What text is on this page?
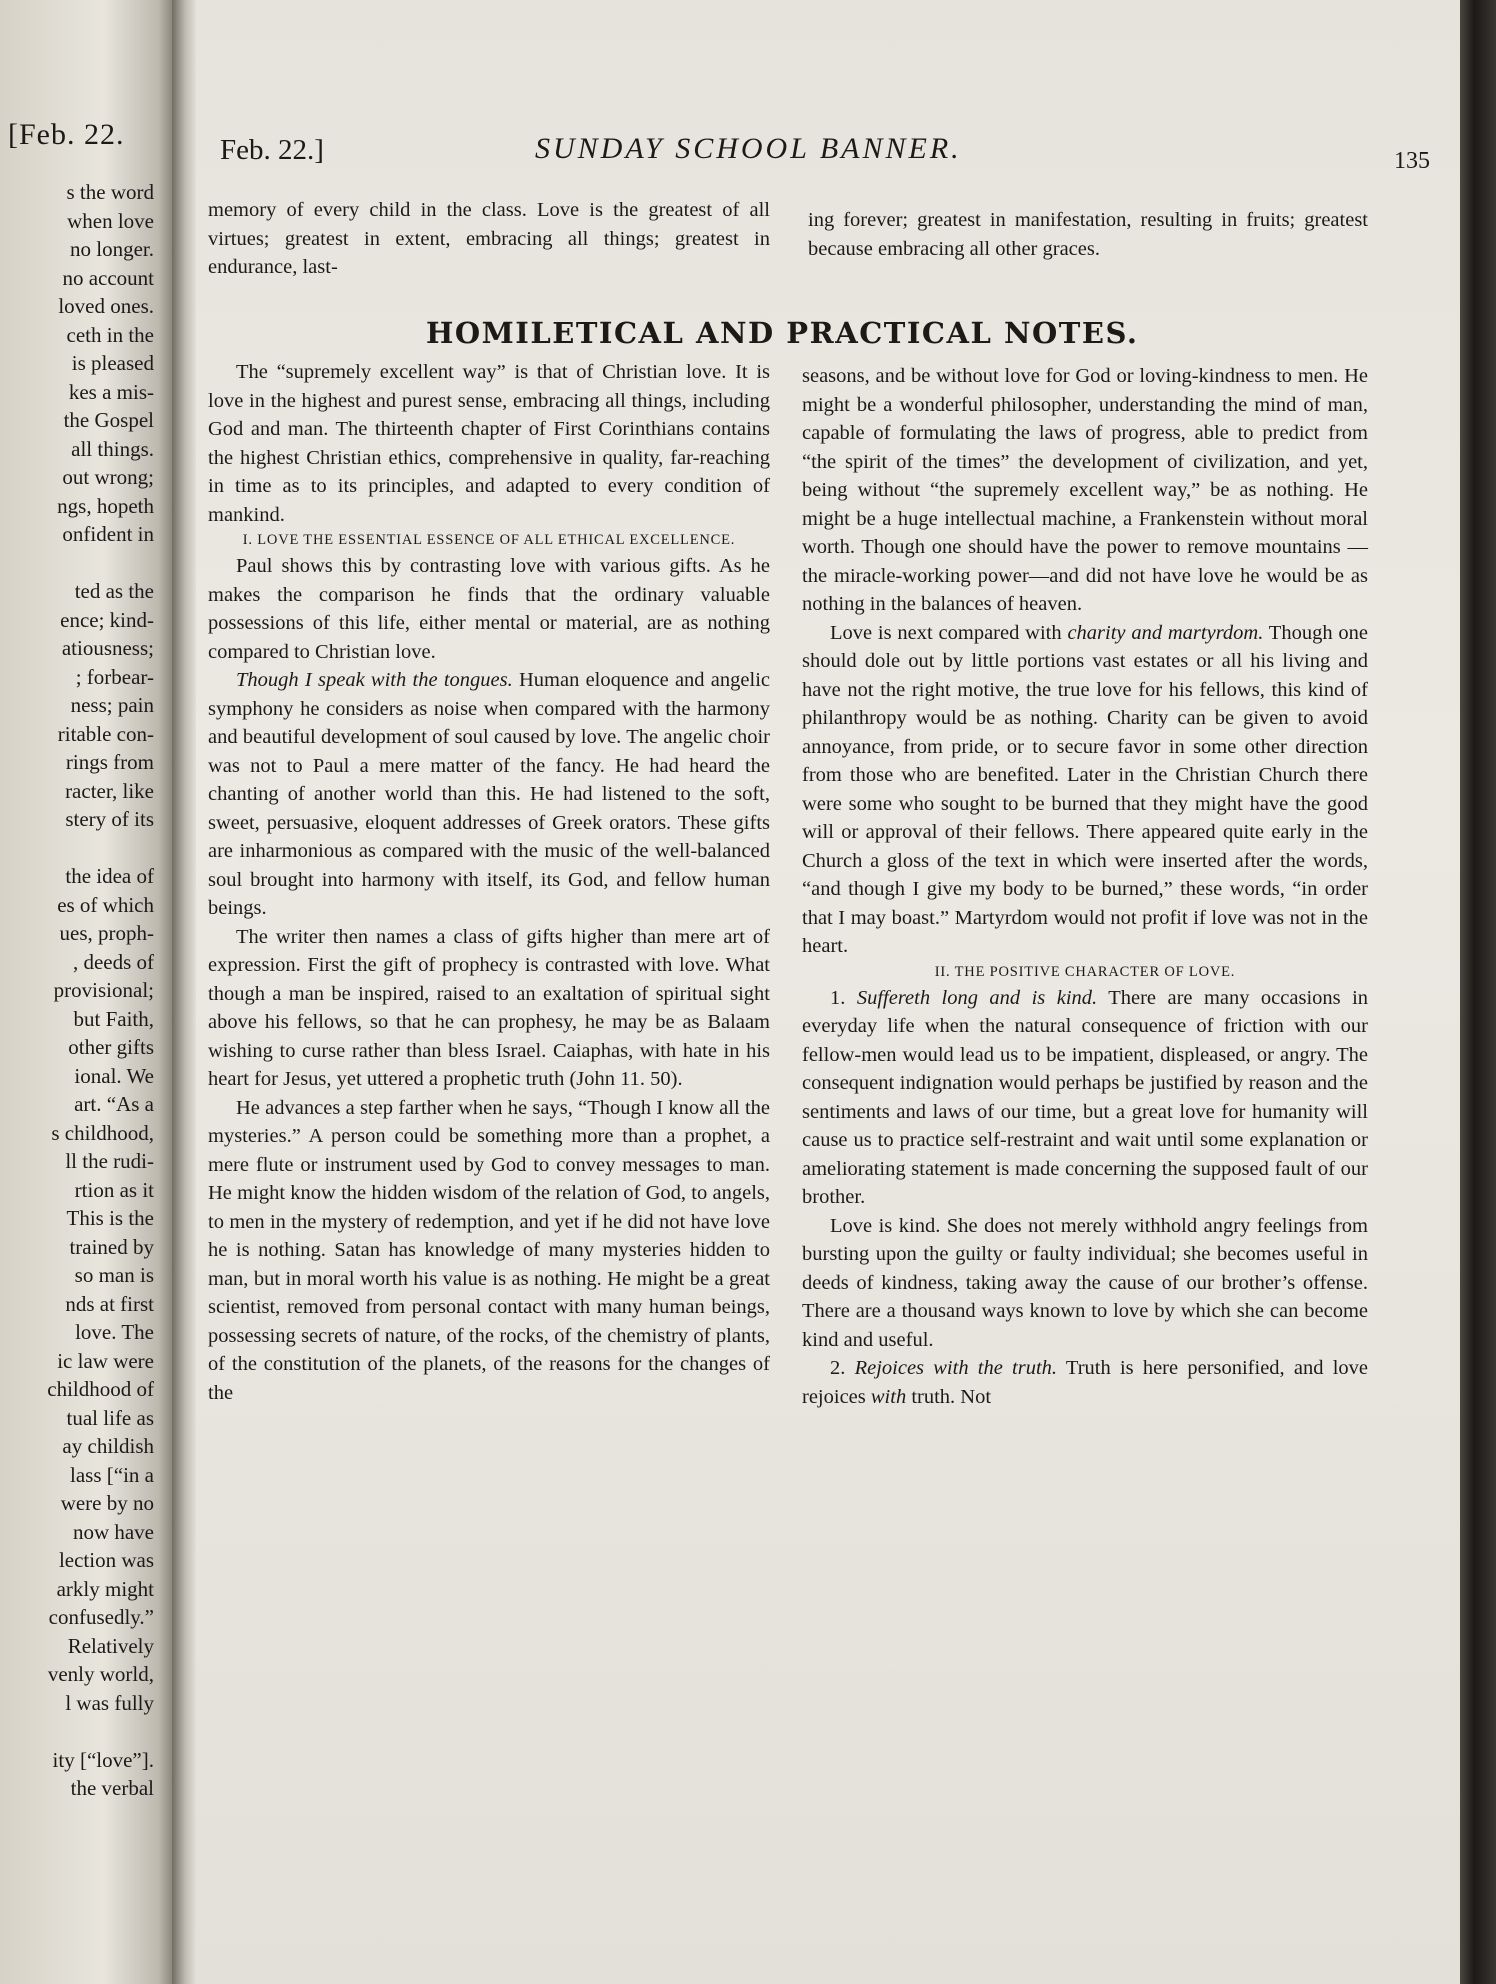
[Feb. 22.
s the word
when love
no longer.
no account
loved ones.
ceth in the
is pleased
kes a mis-
the Gospel
all things.
out wrong;
ngs, hopeth
onfident in
ted as the
ence; kind-
atiousness;
; forbear-
ness; pain
ritable con-
rings from
racter, like
stery of its
the idea of
es of which
ues, proph-
, deeds of
provisional;
but Faith,
other gifts
ional. We
art. “As a
s childhood,
ll the rudi-
rtion as it
This is the
trained by
so man is
nds at first
love. The
ic law were
childhood of
tual life as
ay childish
lass [“in a
were by no
now have
lection was
arkly might
confusedly.”
Relatively
venly world,
l was fully
ity [“love”].
the verbal
Feb. 22.]	SUNDAY SCHOOL BANNER.	135

memory of every child in the class. Love is the greatest of all virtues; greatest in extent, embracing all things; greatest in endurance, last-

ing forever; greatest in manifestation, resulting in fruits; greatest because embracing all other graces.

HOMILETICAL AND PRACTICAL NOTES.

The “supremely excellent way” is that of Christian love. It is love in the highest and purest sense, embracing all things, including God and man. The thirteenth chapter of First Corinthians contains the highest Christian ethics, comprehensive in quality, far-reaching in time as to its principles, and adapted to every condition of mankind.

I. LOVE THE ESSENTIAL ESSENCE OF ALL ETHICAL EXCELLENCE.

Paul shows this by contrasting love with various gifts. As he makes the comparison he finds that the ordinary valuable possessions of this life, either mental or material, are as nothing compared to Christian love.

Though I speak with the tongues. Human eloquence and angelic symphony he considers as noise when compared with the harmony and beautiful development of soul caused by love. The angelic choir was not to Paul a mere matter of the fancy. He had heard the chanting of another world than this. He had listened to the soft, sweet, persuasive, eloquent addresses of Greek orators. These gifts are inharmonious as compared with the music of the well-balanced soul brought into harmony with itself, its God, and fellow human beings.

The writer then names a class of gifts higher than mere art of expression. First the gift of prophecy is contrasted with love. What though a man be inspired, raised to an exaltation of spiritual sight above his fellows, so that he can prophesy, he may be as Balaam wishing to curse rather than bless Israel. Caiaphas, with hate in his heart for Jesus, yet uttered a prophetic truth (John 11. 50).

He advances a step farther when he says, “Though I know all the mysteries.” A person could be something more than a prophet, a mere flute or instrument used by God to convey messages to man. He might know the hidden wisdom of the relation of God, to angels, to men in the mystery of redemption, and yet if he did not have love he is nothing. Satan has knowledge of many mysteries hidden to man, but in moral worth his value is as nothing. He might be a great scientist, removed from personal contact with many human beings, possessing secrets of nature, of the rocks, of the chemistry of plants, of the constitution of the planets, of the reasons for the changes of the

seasons, and be without love for God or loving-kindness to men. He might be a wonderful philosopher, understanding the mind of man, capable of formulating the laws of progress, able to predict from “the spirit of the times” the development of civilization, and yet, being without “the supremely excellent way,” be as nothing. He might be a huge intellectual machine, a Frankenstein without moral worth. Though one should have the power to remove mountains —the miracle-working power—and did not have love he would be as nothing in the balances of heaven.

Love is next compared with charity and martyrdom. Though one should dole out by little portions vast estates or all his living and have not the right motive, the true love for his fellows, this kind of philanthropy would be as nothing. Charity can be given to avoid annoyance, from pride, or to secure favor in some other direction from those who are benefited. Later in the Christian Church there were some who sought to be burned that they might have the good will or approval of their fellows. There appeared quite early in the Church a gloss of the text in which were inserted after the words, “and though I give my body to be burned,” these words, “in order that I may boast.” Martyrdom would not profit if love was not in the heart.

II. THE POSITIVE CHARACTER OF LOVE.

1. Suffereth long and is kind. There are many occasions in everyday life when the natural consequence of friction with our fellow-men would lead us to be impatient, displeased, or angry. The consequent indignation would perhaps be justified by reason and the sentiments and laws of our time, but a great love for humanity will cause us to practice self-restraint and wait until some explanation or ameliorating statement is made concerning the supposed fault of our brother.

Love is kind. She does not merely withhold angry feelings from bursting upon the guilty or faulty individual; she becomes useful in deeds of kindness, taking away the cause of our brother’s offense. There are a thousand ways known to love by which she can become kind and useful.

2. Rejoices with the truth. Truth is here personified, and love rejoices with truth. Not
